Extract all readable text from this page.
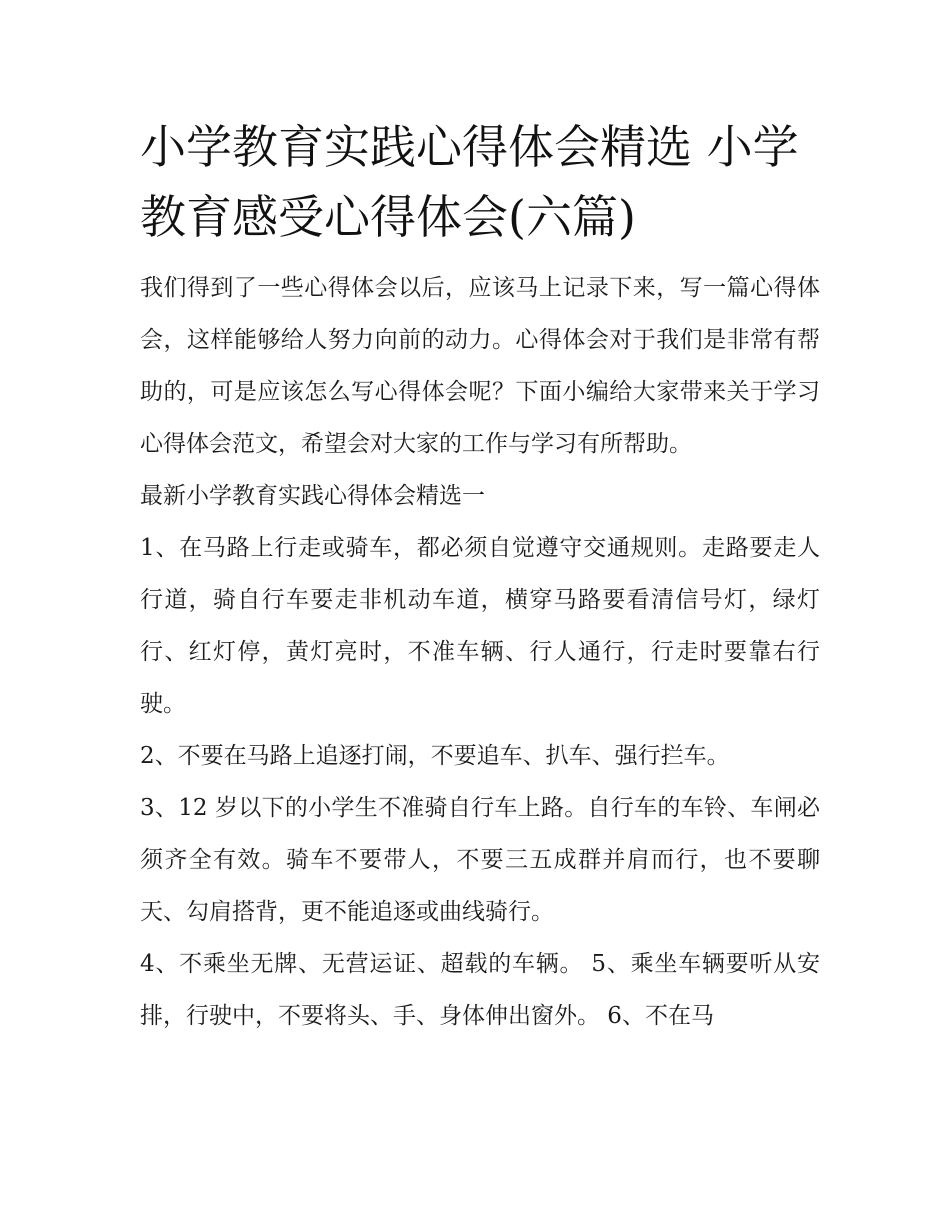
小学教育实践心得体会精选 小学教育感受心得体会(六篇)

我们得到了一些心得体会以后，应该马上记录下来，写一篇心得体会，这样能够给人努力向前的动力。心得体会对于我们是非常有帮助的，可是应该怎么写心得体会呢？下面小编给大家带来关于学习心得体会范文，希望会对大家的工作与学习有所帮助。

最新小学教育实践心得体会精选一

1、在马路上行走或骑车，都必须自觉遵守交通规则。走路要走人行道，骑自行车要走非机动车道，横穿马路要看清信号灯，绿灯行、红灯停，黄灯亮时，不准车辆、行人通行，行走时要靠右行驶。

2、不要在马路上追逐打闹，不要追车、扒车、强行拦车。

3、12 岁以下的小学生不准骑自行车上路。自行车的车铃、车闸必须齐全有效。骑车不要带人，不要三五成群并肩而行，也不要聊天、勾肩搭背，更不能追逐或曲线骑行。

4、不乘坐无牌、无营运证、超载的车辆。 5、乘坐车辆要听从安排，行驶中，不要将头、手、身体伸出窗外。 6、不在马
